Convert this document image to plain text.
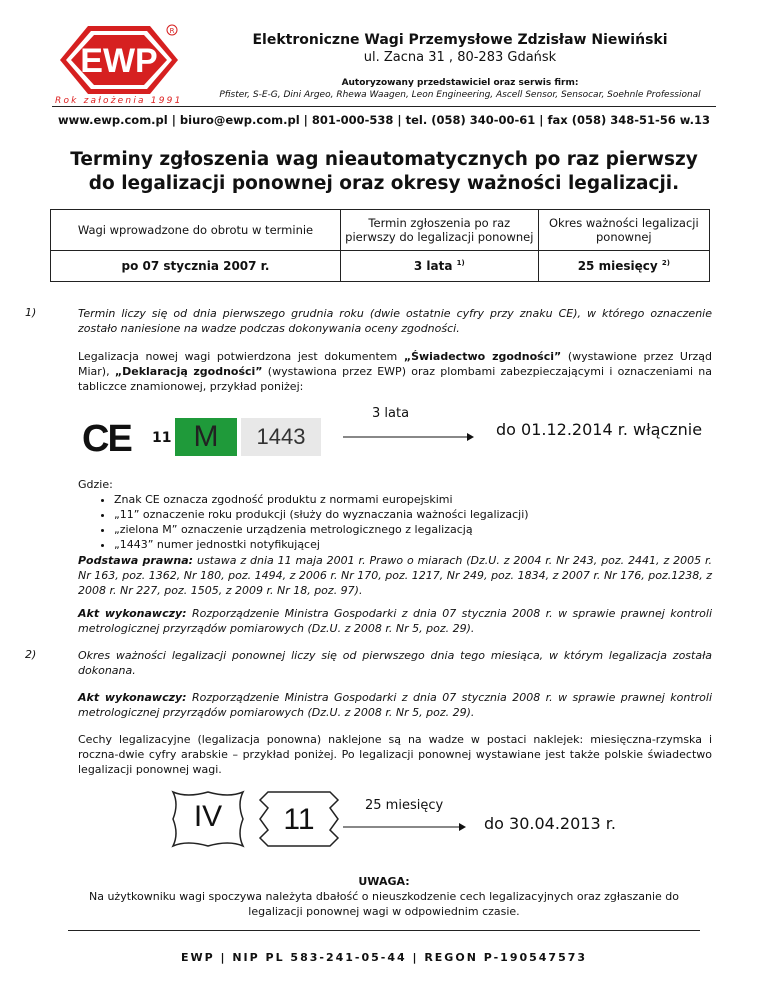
EWP
R
Rok założenia 1991
Elektroniczne Wagi Przemysłowe Zdzisław Niewiński
ul. Zacna 31 , 80-283 Gdańsk
Autoryzowany przedstawiciel oraz serwis firm:
Pfister, S-E-G, Dini Argeo, Rhewa Waagen, Leon Engineering, Ascell Sensor, Sensocar, Soehnle Professional
www.ewp.com.pl | biuro@ewp.com.pl | 801-000-538 | tel. (058) 340-00-61 | fax (058) 348-51-56 w.13
Terminy zgłoszenia wag nieautomatycznych po raz pierwszy
do legalizacji ponownej oraz okresy ważności legalizacji.
Wagi wprowadzone do obrotu w terminie	Termin zgłoszenia po raz pierwszy do legalizacji ponownej	Okres ważności legalizacji ponownej
po 07 stycznia 2007 r.	3 lata $^{1)}$	25 miesięcy $^{2)}$
1)	Termin liczy się od dnia pierwszego grudnia roku (dwie ostatnie cyfry przy znaku CE), w którego oznaczenie zostało naniesione na wadze podczas dokonywania oceny zgodności.
Legalizacja nowej wagi potwierdzona jest dokumentem „Świadectwo zgodności” (wystawione przez Urząd Miar), „Deklaracją zgodności” (wystawiona przez EWP) oraz plombami zabezpieczającymi i oznaczeniami na tabliczce znamionowej, przykład poniżej:
CE 11 M	1443
3 lata
do 01.12.2014 r. włącznie
Gdzie:
• Znak CE oznacza zgodność produktu z normami europejskimi
• „11” oznaczenie roku produkcji (służy do wyznaczania ważności legalizacji)
• „zielona M” oznaczenie urządzenia metrologicznego z legalizacją
• „1443” numer jednostki notyfikującej
Podstawa prawna: ustawa z dnia 11 maja 2001 r. Prawo o miarach (Dz.U. z 2004 r. Nr 243, poz. 2441, z 2005 r. Nr 163, poz. 1362, Nr 180, poz. 1494, z 2006 r. Nr 170, poz. 1217, Nr 249, poz. 1834, z 2007 r. Nr 176, poz.1238, z 2008 r. Nr 227, poz. 1505, z 2009 r. Nr 18, poz. 97).
Akt wykonawczy: Rozporządzenie Ministra Gospodarki z dnia 07 stycznia 2008 r. w sprawie prawnej kontroli metrologicznej przyrządów pomiarowych (Dz.U. z 2008 r. Nr 5, poz. 29).
2)	Okres ważności legalizacji ponownej liczy się od pierwszego dnia tego miesiąca, w którym legalizacja została dokonana.
Akt wykonawczy: Rozporządzenie Ministra Gospodarki z dnia 07 stycznia 2008 r. w sprawie prawnej kontroli metrologicznej przyrządów pomiarowych (Dz.U. z 2008 r. Nr 5, poz. 29).
Cechy legalizacyjne (legalizacja ponowna) naklejone są na wadze w postaci naklejek: miesięczna-rzymska i roczna-dwie cyfry arabskie – przykład poniżej. Po legalizacji ponownej wystawiane jest także polskie świadectwo legalizacji ponownej wagi.
IV	11	25 miesięcy
do 30.04.2013 r.
UWAGA:
Na użytkowniku wagi spoczywa należyta dbałość o nieuszkodzenie cech legalizacyjnych oraz zgłaszanie do legalizacji ponownej wagi w odpowiednim czasie.
EWP | NIP PL 583-241-05-44 | REGON P-190547573
